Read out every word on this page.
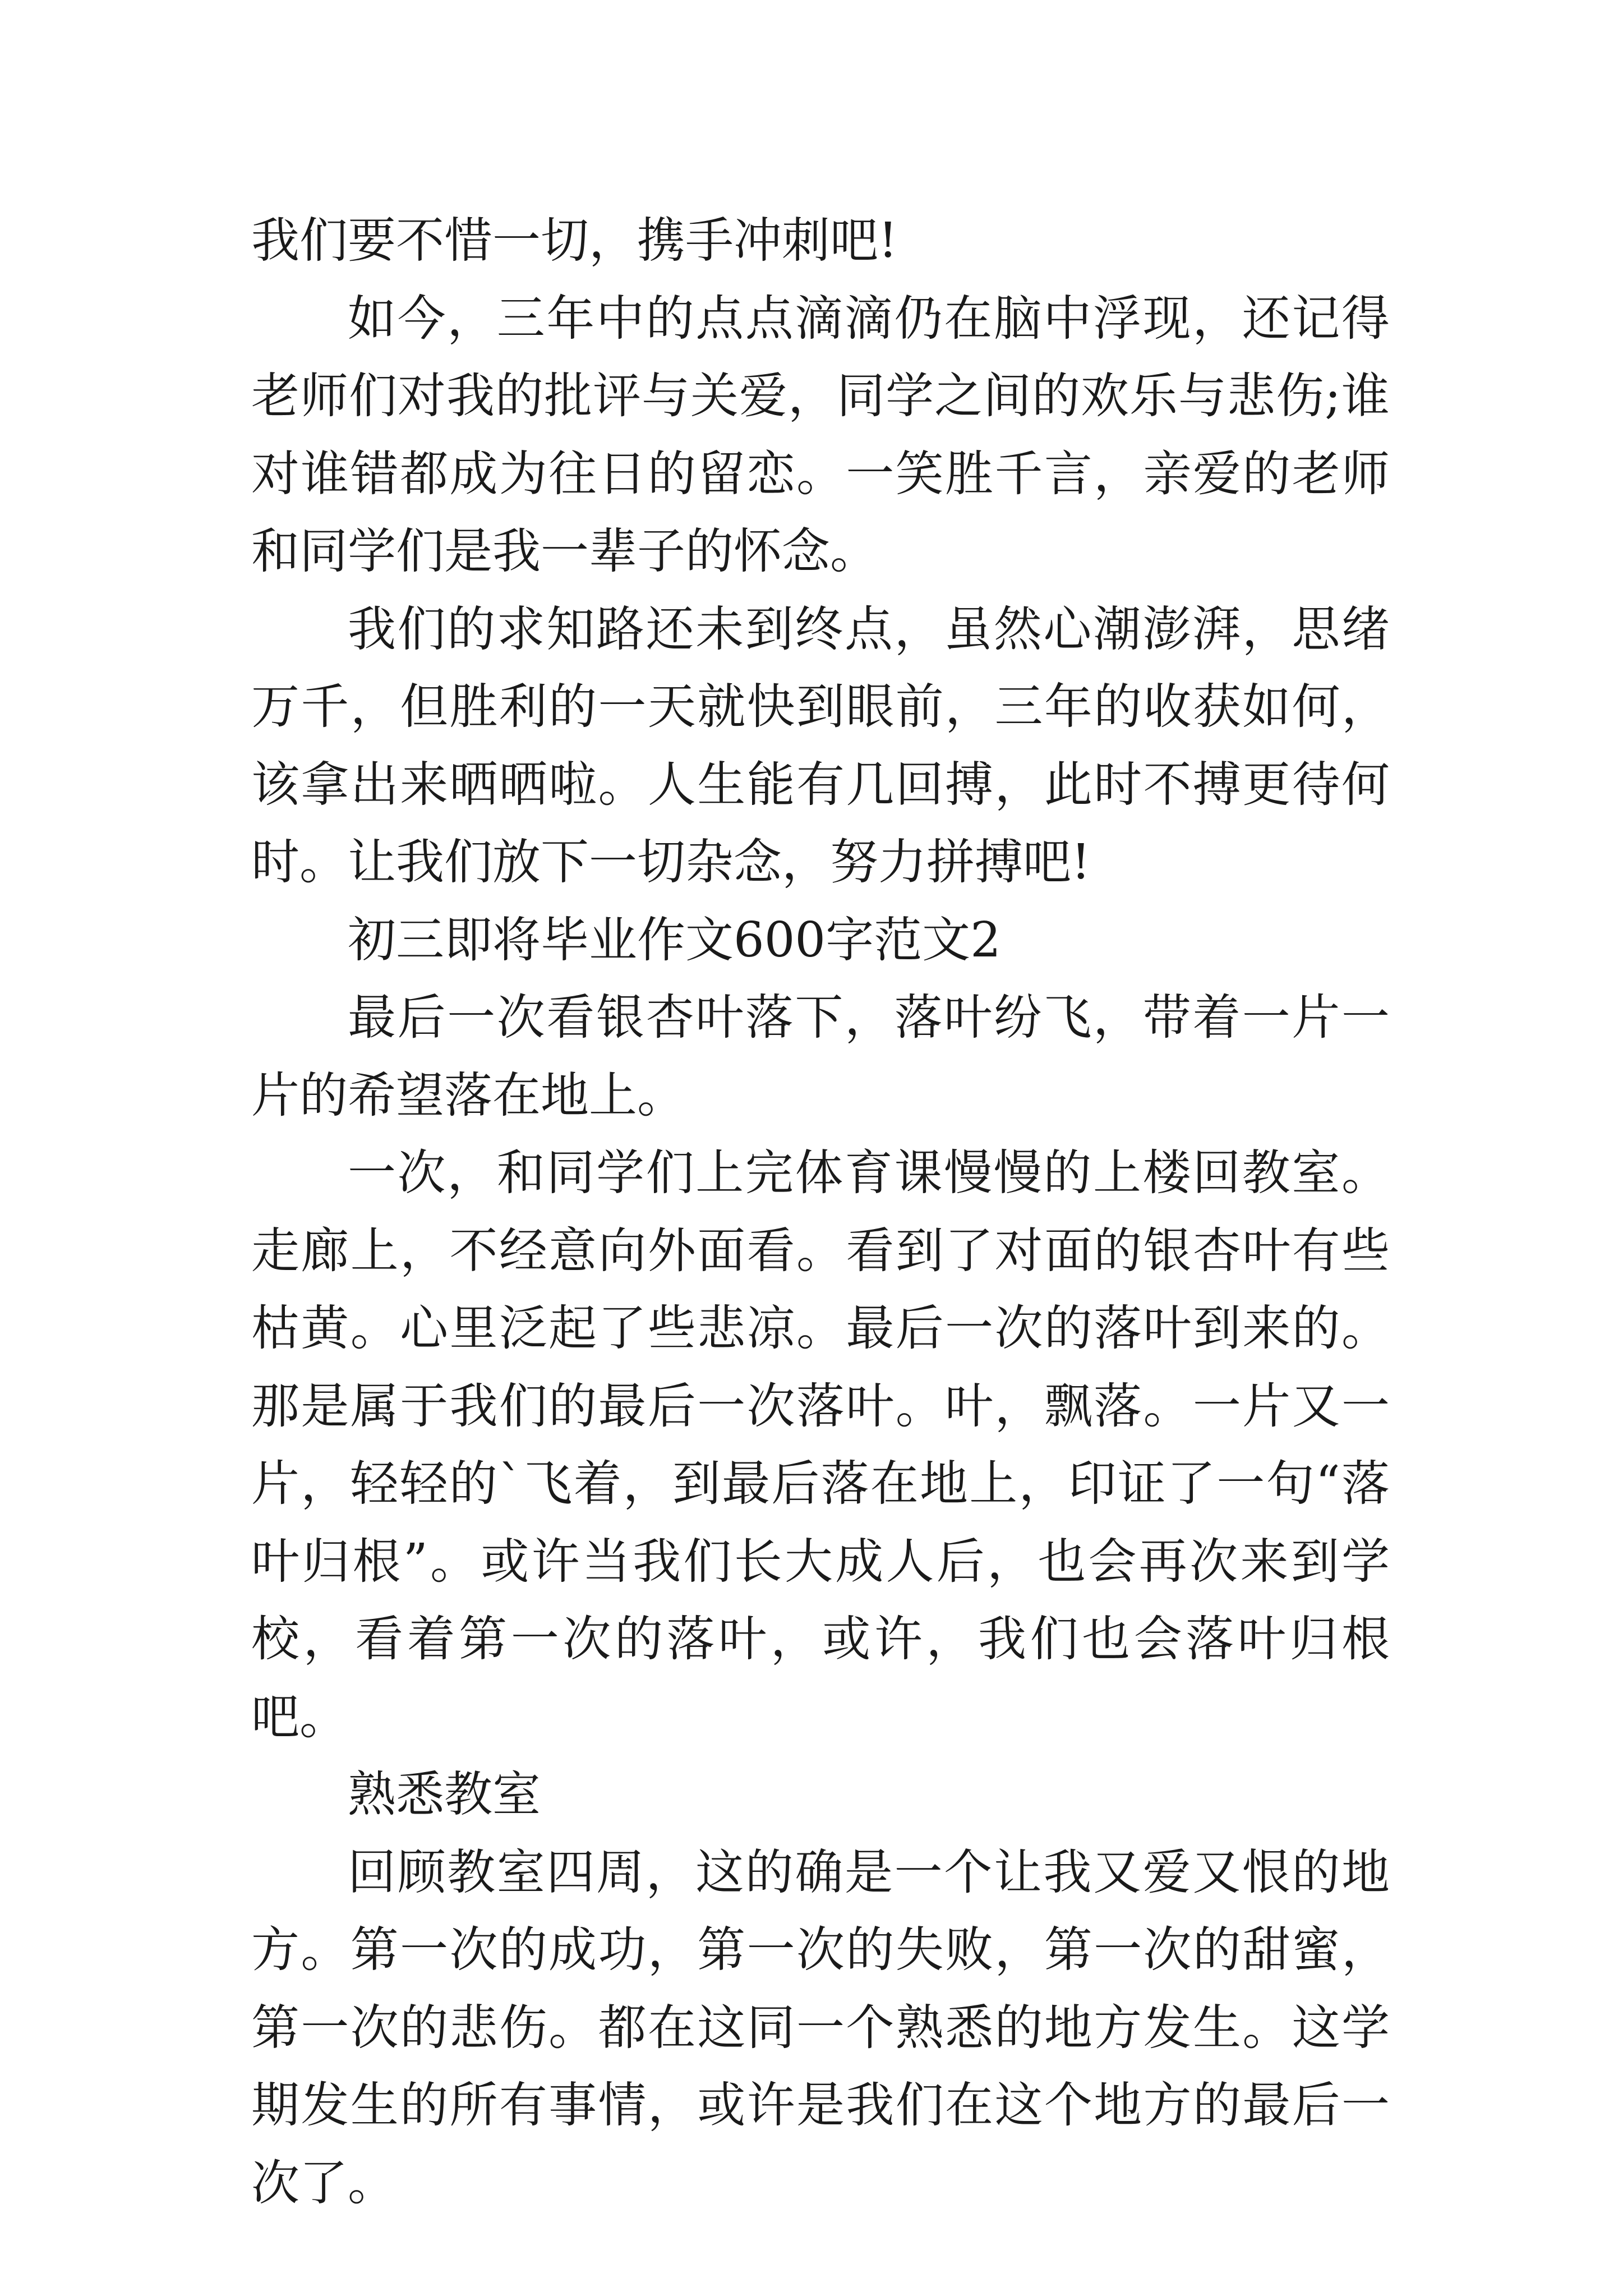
我们要不惜一切，携手冲刺吧!

如今，三年中的点点滴滴仍在脑中浮现，还记得老师们对我的批评与关爱，同学之间的欢乐与悲伤;谁对谁错都成为往日的留恋。一笑胜千言，亲爱的老师和同学们是我一辈子的怀念。

我们的求知路还未到终点，虽然心潮澎湃，思绪万千，但胜利的一天就快到眼前，三年的收获如何，该拿出来晒晒啦。人生能有几回搏，此时不搏更待何时。让我们放下一切杂念，努力拼搏吧!

初三即将毕业作文600字范文2

最后一次看银杏叶落下，落叶纷飞，带着一片一片的希望落在地上。

一次，和同学们上完体育课慢慢的上楼回教室。走廊上，不经意向外面看。看到了对面的银杏叶有些枯黄。心里泛起了些悲凉。最后一次的落叶到来的。那是属于我们的最后一次落叶。叶，飘落。一片又一片，轻轻的`飞着，到最后落在地上，印证了一句“落叶归根”。或许当我们长大成人后，也会再次来到学校，看着第一次的落叶，或许，我们也会落叶归根吧。

熟悉教室

回顾教室四周，这的确是一个让我又爱又恨的地方。第一次的成功，第一次的失败，第一次的甜蜜，第一次的悲伤。都在这同一个熟悉的地方发生。这学期发生的所有事情，或许是我们在这个地方的最后一次了。
